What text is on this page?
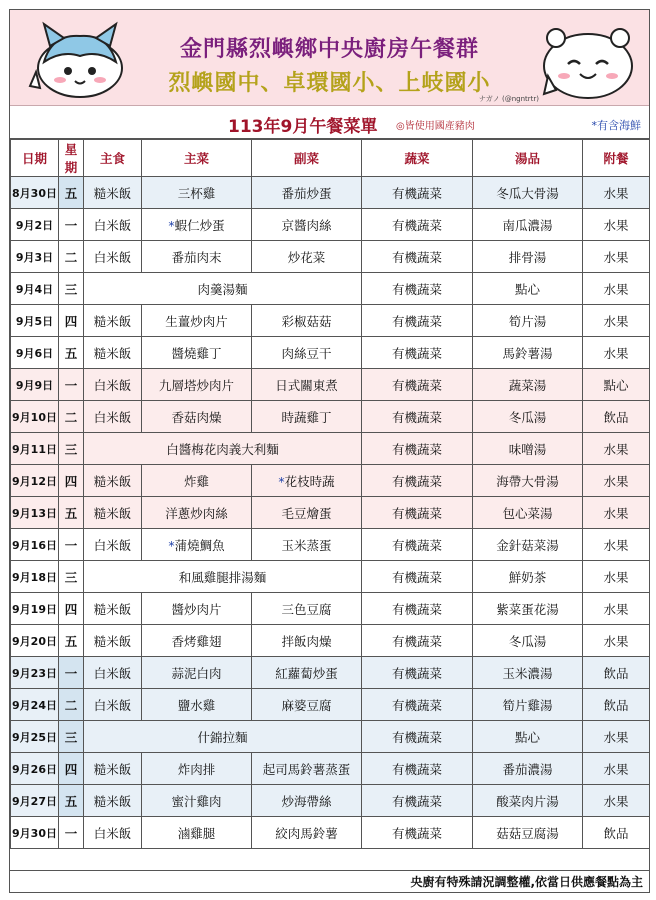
金門縣烈嶼鄉中央廚房午餐群
烈嶼國中、卓環國小、上岐國小
ナガノ (@ngntrtr)
113年9月午餐菜單 ◎皆使用國產豬肉	*有含海鮮
日期	星期	主食	主菜	副菜	蔬菜	湯品	附餐
8月30日	五	糙米飯	三杯雞	番茄炒蛋	有機蔬菜	冬瓜大骨湯	水果
9月2日	一	白米飯	*蝦仁炒蛋	京醬肉絲	有機蔬菜	南瓜濃湯	水果
9月3日	二	白米飯	番茄肉末	炒花菜	有機蔬菜	排骨湯	水果
9月4日	三	肉羹湯麵			有機蔬菜	點心	水果
9月5日	四	糙米飯	生薑炒肉片	彩椒菇菇	有機蔬菜	筍片湯	水果
9月6日	五	糙米飯	醬燒雞丁	肉絲豆干	有機蔬菜	馬鈴薯湯	水果
9月9日	一	白米飯	九層塔炒肉片	日式關東煮	有機蔬菜	蔬菜湯	點心
9月10日	二	白米飯	香菇肉燥	時蔬雞丁	有機蔬菜	冬瓜湯	飲品
9月11日	三	白醬梅花肉義大利麵			有機蔬菜	味噌湯	水果
9月12日	四	糙米飯	炸雞	*花枝時蔬	有機蔬菜	海帶大骨湯	水果
9月13日	五	糙米飯	洋蔥炒肉絲	毛豆燴蛋	有機蔬菜	包心菜湯	水果
9月16日	一	白米飯	*蒲燒鯛魚	玉米蒸蛋	有機蔬菜	金針菇菜湯	水果
9月18日	三	和風雞腿排湯麵			有機蔬菜	鮮奶茶	水果
9月19日	四	糙米飯	醬炒肉片	三色豆腐	有機蔬菜	紫菜蛋花湯	水果
9月20日	五	糙米飯	香烤雞翅	拌飯肉燥	有機蔬菜	冬瓜湯	水果
9月23日	一	白米飯	蒜泥白肉	紅蘿蔔炒蛋	有機蔬菜	玉米濃湯	飲品
9月24日	二	白米飯	鹽水雞	麻婆豆腐	有機蔬菜	筍片雞湯	飲品
9月25日	三	什錦拉麵			有機蔬菜	點心	水果
9月26日	四	糙米飯	炸肉排	起司馬鈴薯蒸蛋	有機蔬菜	番茄濃湯	水果
9月27日	五	糙米飯	蜜汁雞肉	炒海帶絲	有機蔬菜	酸菜肉片湯	水果
9月30日	一	白米飯	滷雞腿	絞肉馬鈴薯	有機蔬菜	菇菇豆腐湯	飲品
央廚有特殊請況調整權,依當日供應餐點為主
